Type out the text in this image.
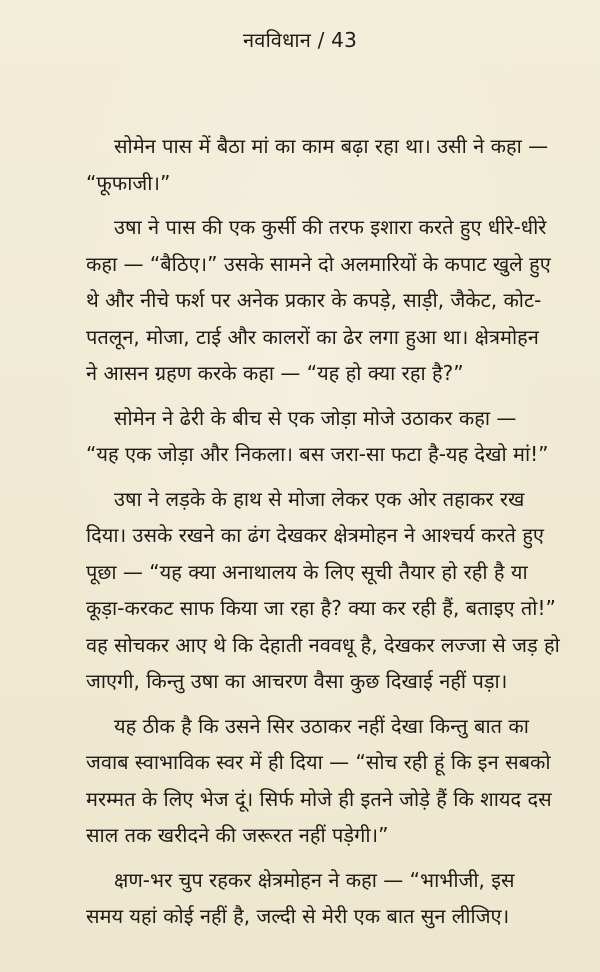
नवविधान / 43
सोमेन पास में बैठा मां का काम बढ़ा रहा था। उसी ने कहा —
“फूफाजी।”
उषा ने पास की एक कुर्सी की तरफ इशारा करते हुए धीरे-धीरे
कहा — “बैठिए।” उसके सामने दो अलमारियों के कपाट खुले हुए
थे और नीचे फर्श पर अनेक प्रकार के कपड़े, साड़ी, जैकेट, कोट-
पतलून, मोजा, टाई और कालरों का ढेर लगा हुआ था। क्षेत्रमोहन
ने आसन ग्रहण करके कहा — “यह हो क्या रहा है?”
सोमेन ने ढेरी के बीच से एक जोड़ा मोजे उठाकर कहा —
“यह एक जोड़ा और निकला। बस जरा-सा फटा है-यह देखो मां!”
उषा ने लड़के के हाथ से मोजा लेकर एक ओर तहाकर रख
दिया। उसके रखने का ढंग देखकर क्षेत्रमोहन ने आश्चर्य करते हुए
पूछा — “यह क्या अनाथालय के लिए सूची तैयार हो रही है या
कूड़ा-करकट साफ किया जा रहा है? क्या कर रही हैं, बताइए तो!”
वह सोचकर आए थे कि देहाती नववधू है, देखकर लज्जा से जड़ हो
जाएगी, किन्तु उषा का आचरण वैसा कुछ दिखाई नहीं पड़ा।
यह ठीक है कि उसने सिर उठाकर नहीं देखा किन्तु बात का
जवाब स्वाभाविक स्वर में ही दिया — “सोच रही हूं कि इन सबको
मरम्मत के लिए भेज दूं। सिर्फ मोजे ही इतने जोड़े हैं कि शायद दस
साल तक खरीदने की जरूरत नहीं पड़ेगी।”
क्षण-भर चुप रहकर क्षेत्रमोहन ने कहा — “भाभीजी, इस
समय यहां कोई नहीं है, जल्दी से मेरी एक बात सुन लीजिए।
